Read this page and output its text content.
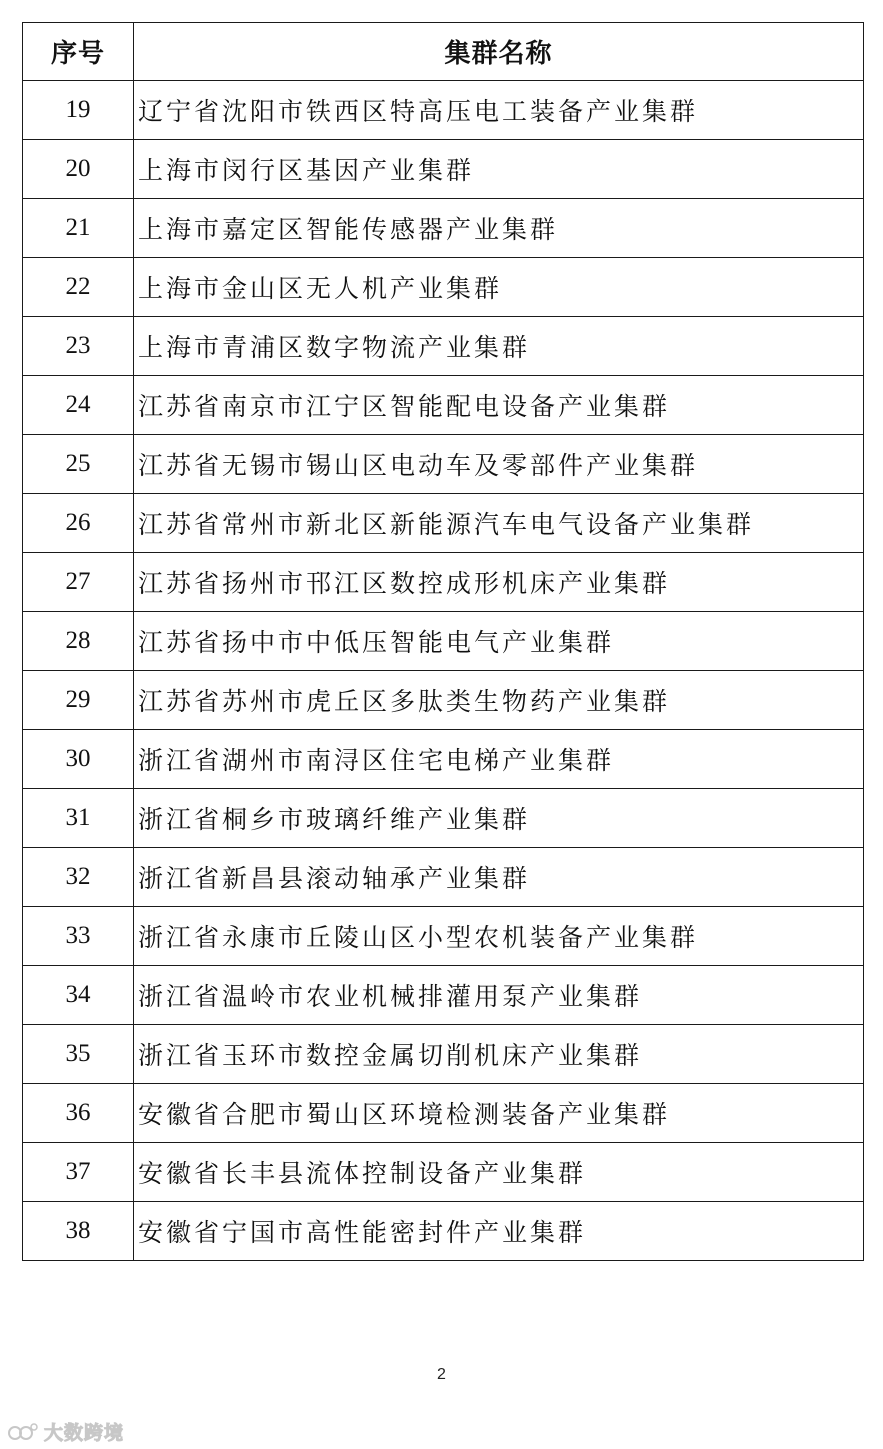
序号	集群名称
19	辽宁省沈阳市铁西区特高压电工装备产业集群
20	上海市闵行区基因产业集群
21	上海市嘉定区智能传感器产业集群
22	上海市金山区无人机产业集群
23	上海市青浦区数字物流产业集群
24	江苏省南京市江宁区智能配电设备产业集群
25	江苏省无锡市锡山区电动车及零部件产业集群
26	江苏省常州市新北区新能源汽车电气设备产业集群
27	江苏省扬州市邗江区数控成形机床产业集群
28	江苏省扬中市中低压智能电气产业集群
29	江苏省苏州市虎丘区多肽类生物药产业集群
30	浙江省湖州市南浔区住宅电梯产业集群
31	浙江省桐乡市玻璃纤维产业集群
32	浙江省新昌县滚动轴承产业集群
33	浙江省永康市丘陵山区小型农机装备产业集群
34	浙江省温岭市农业机械排灌用泵产业集群
35	浙江省玉环市数控金属切削机床产业集群
36	安徽省合肥市蜀山区环境检测装备产业集群
37	安徽省长丰县流体控制设备产业集群
38	安徽省宁国市高性能密封件产业集群
2
大数跨境
